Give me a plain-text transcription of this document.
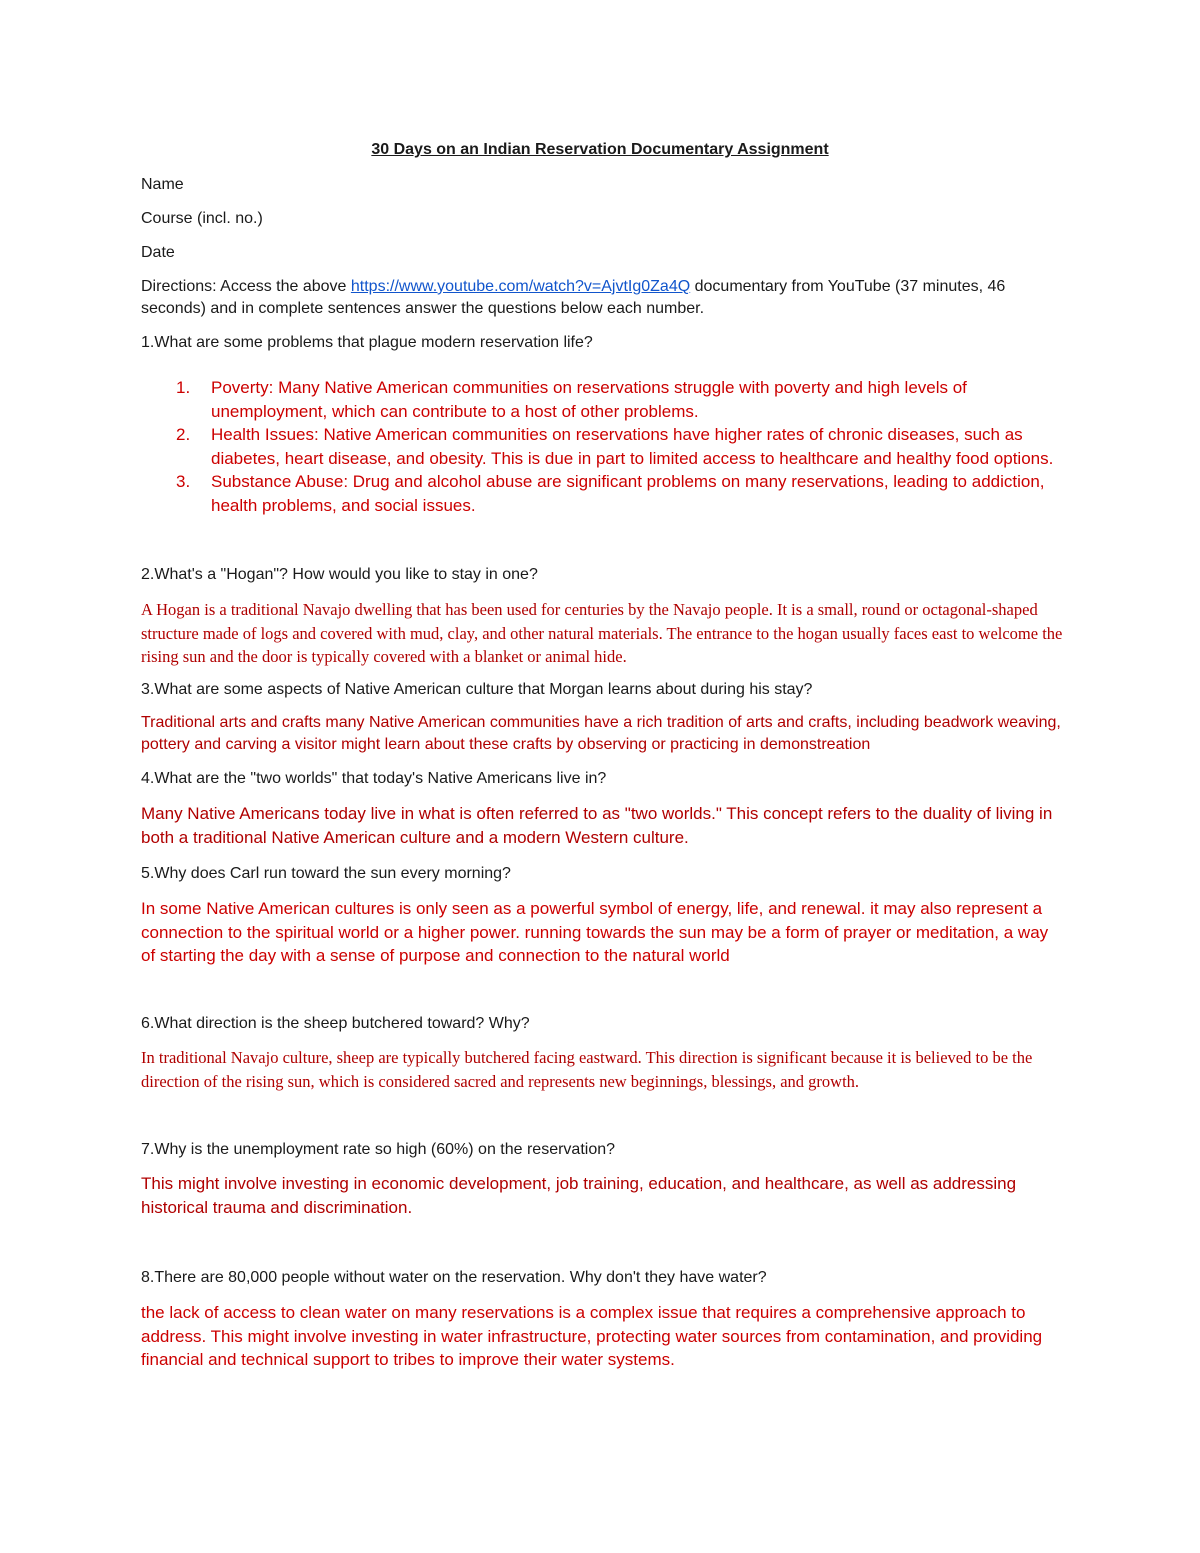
30 Days on an Indian Reservation Documentary Assignment
Name
Course (incl. no.)
Date
Directions: Access the above https://www.youtube.com/watch?v=AjvtIg0Za4Q documentary from YouTube (37 minutes, 46 seconds) and in complete sentences answer the questions below each number.
1.What are some problems that plague modern reservation life?
1. Poverty: Many Native American communities on reservations struggle with poverty and high levels of unemployment, which can contribute to a host of other problems.
2. Health Issues: Native American communities on reservations have higher rates of chronic diseases, such as diabetes, heart disease, and obesity. This is due in part to limited access to healthcare and healthy food options.
3. Substance Abuse: Drug and alcohol abuse are significant problems on many reservations, leading to addiction, health problems, and social issues.
2.What's a "Hogan"? How would you like to stay in one?
A Hogan is a traditional Navajo dwelling that has been used for centuries by the Navajo people. It is a small, round or octagonal-shaped structure made of logs and covered with mud, clay, and other natural materials. The entrance to the hogan usually faces east to welcome the rising sun and the door is typically covered with a blanket or animal hide.
3.What are some aspects of Native American culture that Morgan learns about during his stay?
Traditional arts and crafts many Native American communities have a rich tradition of arts and crafts, including beadwork weaving, pottery and carving a visitor might learn about these crafts by observing or practicing in demonstreation
4.What are the "two worlds" that today's Native Americans live in?
Many Native Americans today live in what is often referred to as "two worlds." This concept refers to the duality of living in both a traditional Native American culture and a modern Western culture.
5.Why does Carl run toward the sun every morning?
In some Native American cultures is only seen as a powerful symbol of energy, life, and renewal. it may also represent a connection to the spiritual world or a higher power. running towards the sun may be a form of prayer or meditation, a way of starting the day with a sense of purpose and connection to the natural world
6.What direction is the sheep butchered toward? Why?
In traditional Navajo culture, sheep are typically butchered facing eastward. This direction is significant because it is believed to be the direction of the rising sun, which is considered sacred and represents new beginnings, blessings, and growth.
7.Why is the unemployment rate so high (60%) on the reservation?
This might involve investing in economic development, job training, education, and healthcare, as well as addressing historical trauma and discrimination.
8.There are 80,000 people without water on the reservation. Why don't they have water?
the lack of access to clean water on many reservations is a complex issue that requires a comprehensive approach to address. This might involve investing in water infrastructure, protecting water sources from contamination, and providing financial and technical support to tribes to improve their water systems.
